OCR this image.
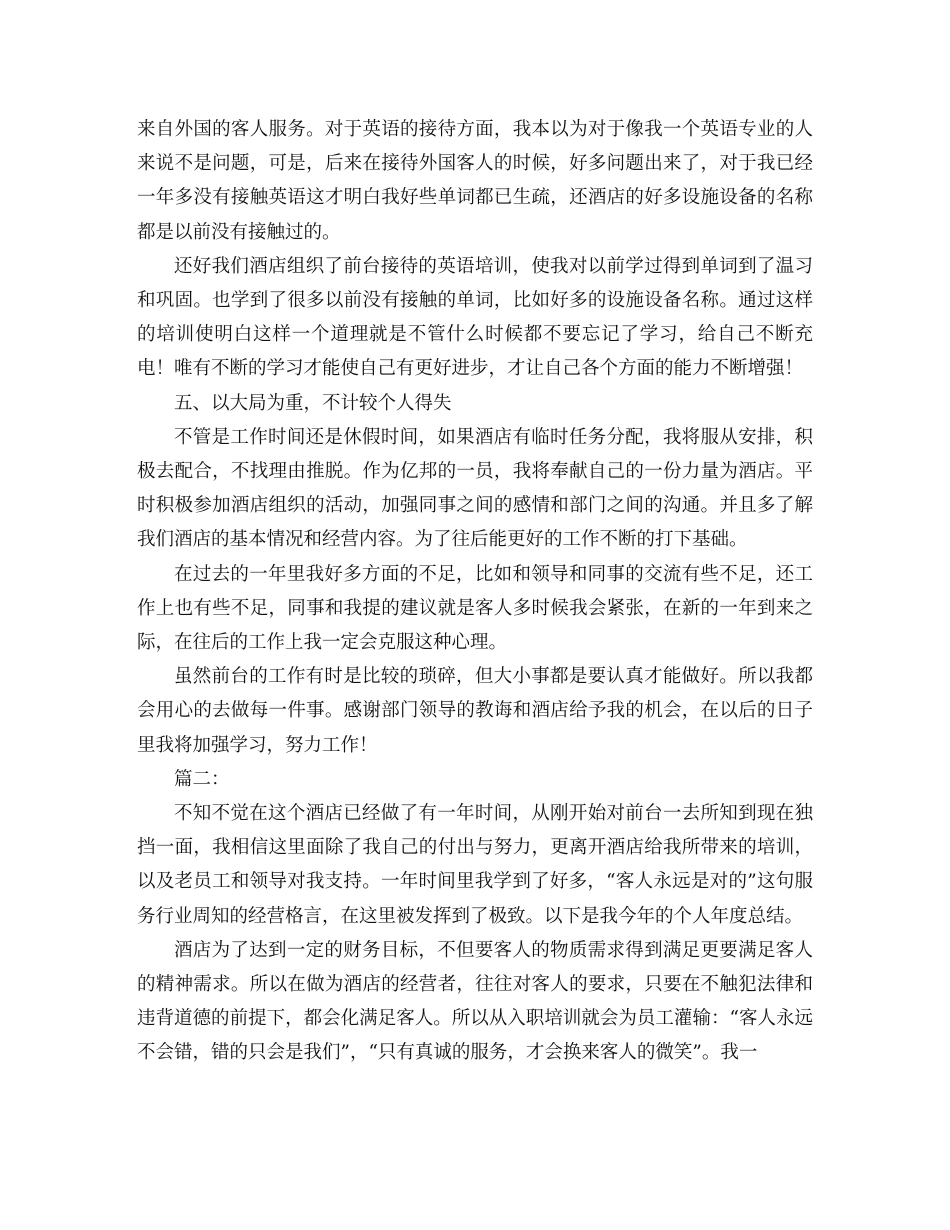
来自外国的客人服务。对于英语的接待方面，我本以为对于像我一个英语专业的人来说不是问题，可是，后来在接待外国客人的时候，好多问题出来了，对于我已经一年多没有接触英语这才明白我好些单词都已生疏，还酒店的好多设施设备的名称都是以前没有接触过的。

还好我们酒店组织了前台接待的英语培训，使我对以前学过得到单词到了温习和巩固。也学到了很多以前没有接触的单词，比如好多的设施设备名称。通过这样的培训使明白这样一个道理就是不管什么时候都不要忘记了学习，给自己不断充电！唯有不断的学习才能使自己有更好进步，才让自己各个方面的能力不断增强！

五、以大局为重，不计较个人得失

不管是工作时间还是休假时间，如果酒店有临时任务分配，我将服从安排，积极去配合，不找理由推脱。作为亿邦的一员，我将奉献自己的一份力量为酒店。平时积极参加酒店组织的活动，加强同事之间的感情和部门之间的沟通。并且多了解我们酒店的基本情况和经营内容。为了往后能更好的工作不断的打下基础。

在过去的一年里我好多方面的不足，比如和领导和同事的交流有些不足，还工作上也有些不足，同事和我提的建议就是客人多时候我会紧张，在新的一年到来之际，在往后的工作上我一定会克服这种心理。

虽然前台的工作有时是比较的琐碎，但大小事都是要认真才能做好。所以我都会用心的去做每一件事。感谢部门领导的教诲和酒店给予我的机会，在以后的日子里我将加强学习，努力工作！

篇二：

不知不觉在这个酒店已经做了有一年时间，从刚开始对前台一去所知到现在独挡一面，我相信这里面除了我自己的付出与努力，更离开酒店给我所带来的培训，以及老员工和领导对我支持。一年时间里我学到了好多，“客人永远是对的”这句服务行业周知的经营格言，在这里被发挥到了极致。以下是我今年的个人年度总结。

酒店为了达到一定的财务目标，不但要客人的物质需求得到满足更要满足客人的精神需求。所以在做为酒店的经营者，往往对客人的要求，只要在不触犯法律和违背道德的前提下，都会化满足客人。所以从入职培训就会为员工灌输：“客人永远不会错，错的只会是我们”，“只有真诚的服务，才会换来客人的微笑”。我一
